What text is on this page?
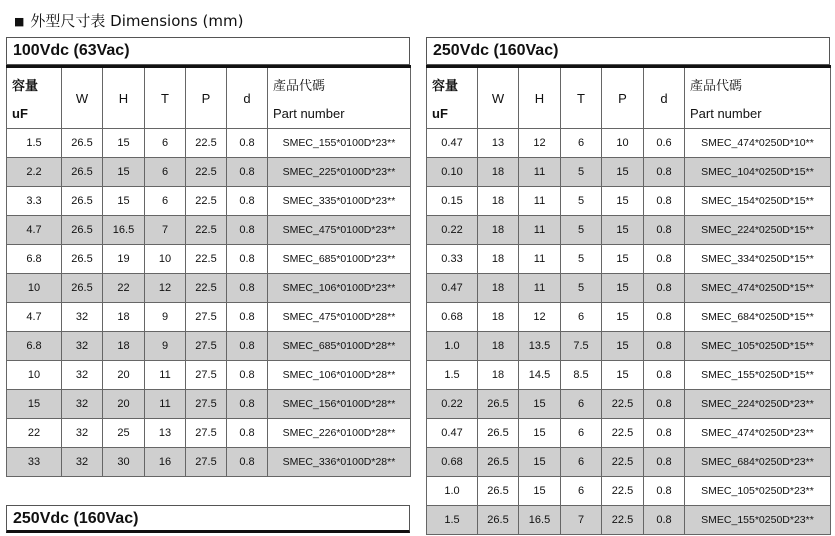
■ 外型尺寸表 Dimensions (mm)
100Vdc (63Vac)
容量
uF	W	H	T	P	d	產品代碼
Part number
1.5	26.5	15	6	22.5	0.8	SMEC_155*0100D*23**
2.2	26.5	15	6	22.5	0.8	SMEC_225*0100D*23**
3.3	26.5	15	6	22.5	0.8	SMEC_335*0100D*23**
4.7	26.5	16.5	7	22.5	0.8	SMEC_475*0100D*23**
6.8	26.5	19	10	22.5	0.8	SMEC_685*0100D*23**
10	26.5	22	12	22.5	0.8	SMEC_106*0100D*23**
4.7	32	18	9	27.5	0.8	SMEC_475*0100D*28**
6.8	32	18	9	27.5	0.8	SMEC_685*0100D*28**
10	32	20	11	27.5	0.8	SMEC_106*0100D*28**
15	32	20	11	27.5	0.8	SMEC_156*0100D*28**
22	32	25	13	27.5	0.8	SMEC_226*0100D*28**
33	32	30	16	27.5	0.8	SMEC_336*0100D*28**
250Vdc (160Vac)
容量
uF	W	H	T	P	d	產品代碼
Part number
0.47	13	12	6	10	0.6	SMEC_474*0250D*10**
0.10	18	11	5	15	0.8	SMEC_104*0250D*15**
0.15	18	11	5	15	0.8	SMEC_154*0250D*15**
0.22	18	11	5	15	0.8	SMEC_224*0250D*15**
0.33	18	11	5	15	0.8	SMEC_334*0250D*15**
0.47	18	11	5	15	0.8	SMEC_474*0250D*15**
0.68	18	12	6	15	0.8	SMEC_684*0250D*15**
1.0	18	13.5	7.5	15	0.8	SMEC_105*0250D*15**
1.5	18	14.5	8.5	15	0.8	SMEC_155*0250D*15**
0.22	26.5	15	6	22.5	0.8	SMEC_224*0250D*23**
0.47	26.5	15	6	22.5	0.8	SMEC_474*0250D*23**
0.68	26.5	15	6	22.5	0.8	SMEC_684*0250D*23**
1.0	26.5	15	6	22.5	0.8	SMEC_105*0250D*23**
1.5	26.5	16.5	7	22.5	0.8	SMEC_155*0250D*23**
250Vdc (160Vac)
